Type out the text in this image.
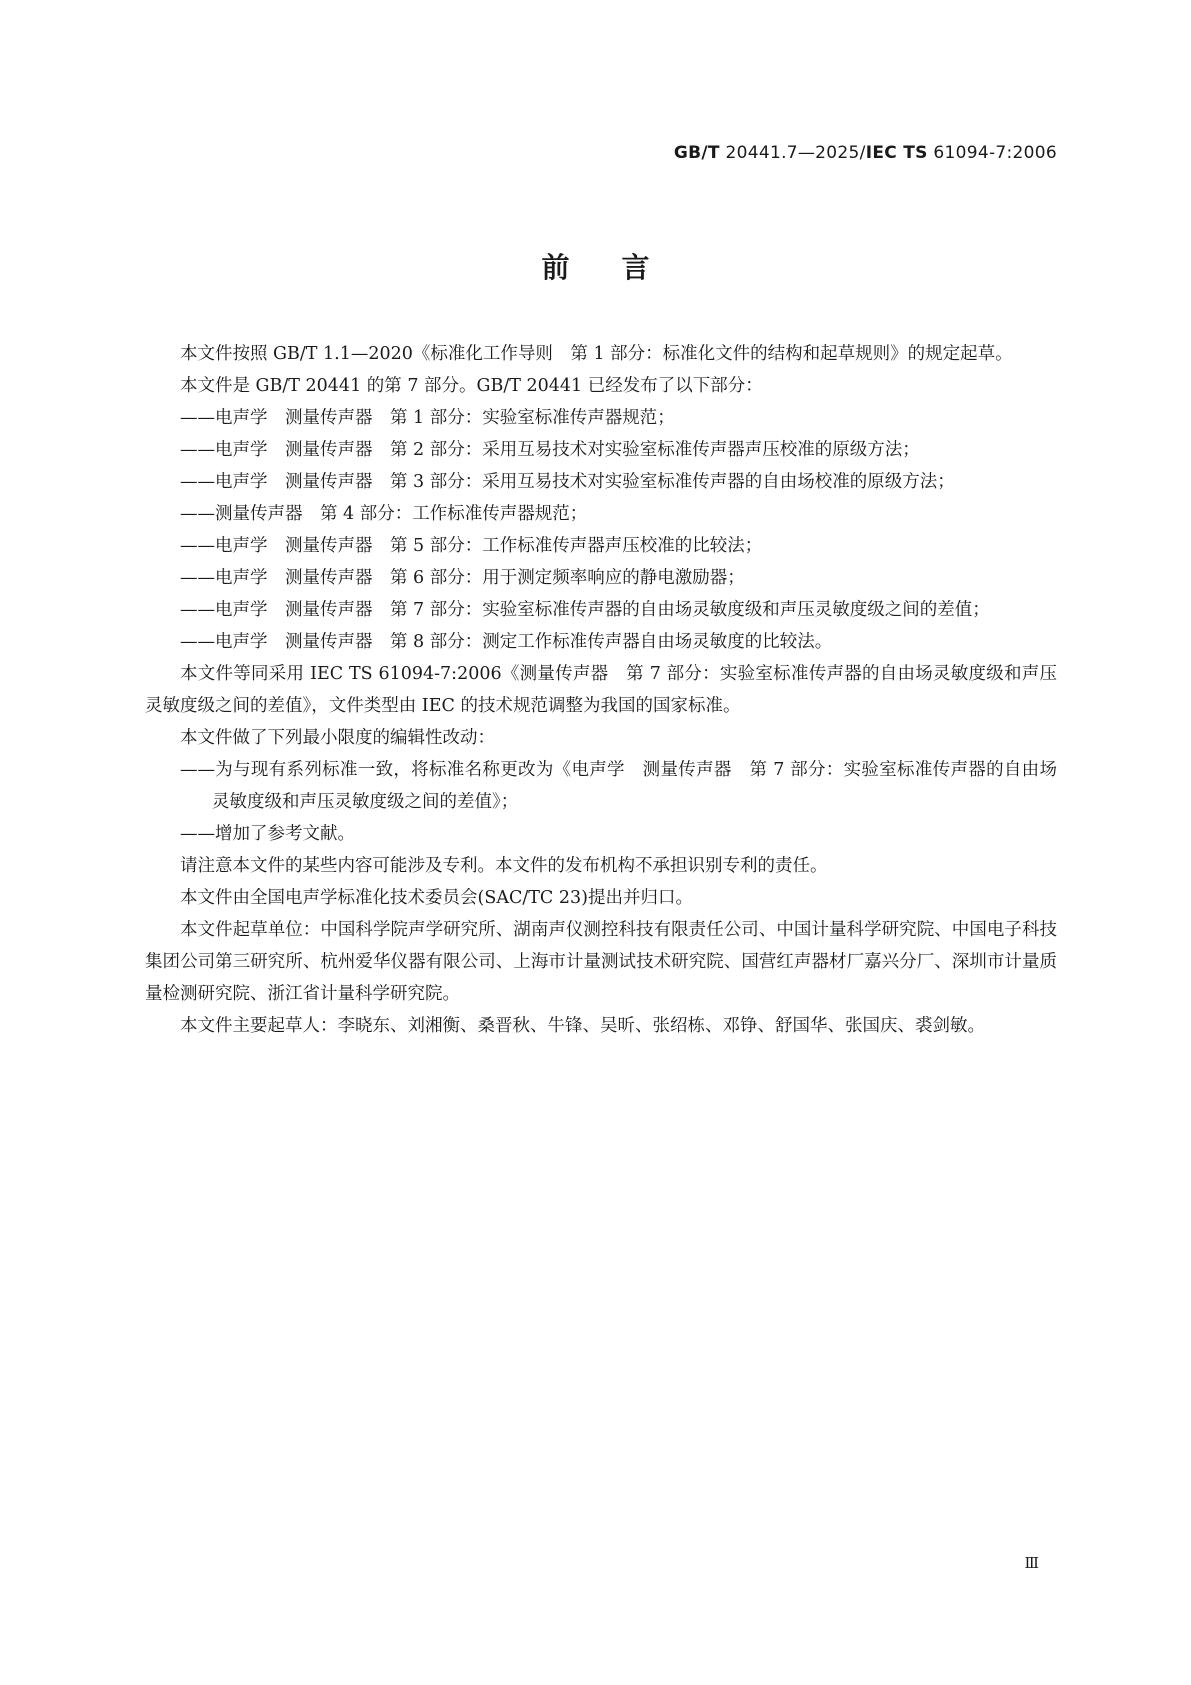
GB/T 20441.7—2025/IEC TS 61094-7:2006
前言

本文件按照 GB/T 1.1—2020《标准化工作导则　第 1 部分：标准化文件的结构和起草规则》的规定起草。

本文件是 GB/T 20441 的第 7 部分。GB/T 20441 已经发布了以下部分：

——电声学　测量传声器　第 1 部分：实验室标准传声器规范；

——电声学　测量传声器　第 2 部分：采用互易技术对实验室标准传声器声压校准的原级方法；

——电声学　测量传声器　第 3 部分：采用互易技术对实验室标准传声器的自由场校准的原级方法；

——测量传声器　第 4 部分：工作标准传声器规范；

——电声学　测量传声器　第 5 部分：工作标准传声器声压校准的比较法；

——电声学　测量传声器　第 6 部分：用于测定频率响应的静电激励器；

——电声学　测量传声器　第 7 部分：实验室标准传声器的自由场灵敏度级和声压灵敏度级之间的差值；

——电声学　测量传声器　第 8 部分：测定工作标准传声器自由场灵敏度的比较法。

本文件等同采用 IEC TS 61094-7:2006《测量传声器　第 7 部分：实验室标准传声器的自由场灵敏度级和声压灵敏度级之间的差值》，文件类型由 IEC 的技术规范调整为我国的国家标准。

本文件做了下列最小限度的编辑性改动：

——为与现有系列标准一致，将标准名称更改为《电声学　测量传声器　第 7 部分：实验室标准传声器的自由场灵敏度级和声压灵敏度级之间的差值》；

——增加了参考文献。

请注意本文件的某些内容可能涉及专利。本文件的发布机构不承担识别专利的责任。

本文件由全国电声学标准化技术委员会(SAC/TC 23)提出并归口。

本文件起草单位：中国科学院声学研究所、湖南声仪测控科技有限责任公司、中国计量科学研究院、中国电子科技集团公司第三研究所、杭州爱华仪器有限公司、上海市计量测试技术研究院、国营红声器材厂嘉兴分厂、深圳市计量质量检测研究院、浙江省计量科学研究院。

本文件主要起草人：李晓东、刘湘衡、桑晋秋、牛锋、吴昕、张绍栋、邓铮、舒国华、张国庆、裘剑敏。

Ⅲ
